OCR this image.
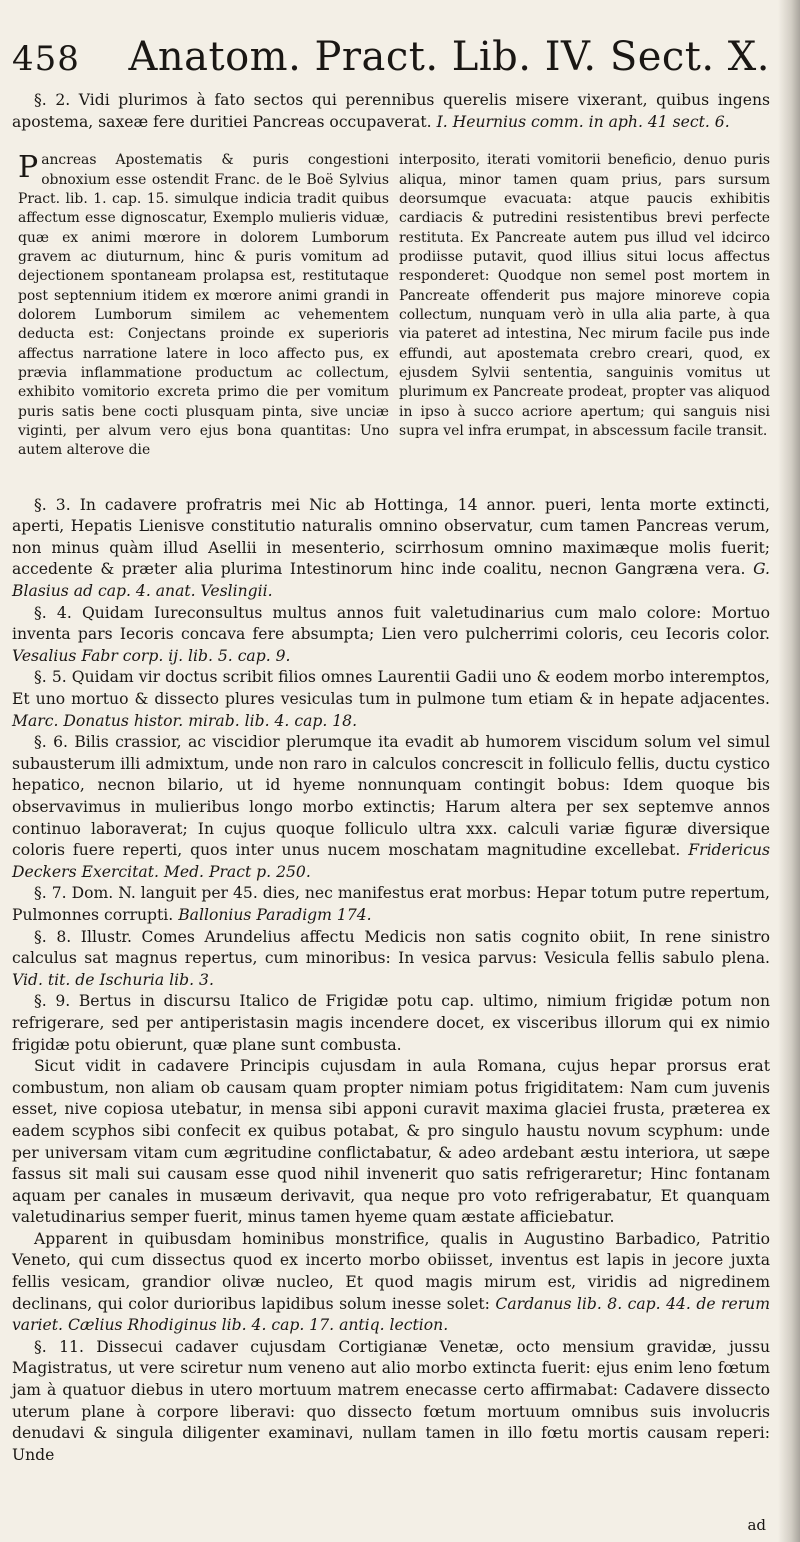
458	Anatom. Pract. Lib. IV. Sect. X.

§. 2. Vidi plurimos à fato sectos qui perennibus querelis misere vixerant, quibus ingens apostema, saxeæ fere duritiei Pancreas occupaverat. I. Heurnius comm. in aph. 41 sect. 6.

Pancreas Apostematis & puris congestioni obnoxium esse ostendit Franc. de le Boë Sylvius Pract. lib. 1. cap. 15. simulque indicia tradit quibus affectum esse dignoscatur, Exemplo mulieris viduæ, quæ ex animi mœrore in dolorem Lumborum gravem ac diuturnum, hinc & puris vomitum ad dejectionem spontaneam prolapsa est, restitutaque post septennium itidem ex mœrore animi grandi in dolorem Lumborum similem ac vehementem deducta est: Conjectans proinde ex superioris affectus narratione latere in loco affecto pus, ex prævia inflammatione productum ac collectum, exhibito vomitorio excreta primo die per vomitum puris satis bene cocti plusquam pinta, sive unciæ viginti, per alvum vero ejus bona quantitas: Uno autem alterove die

interposito, iterati vomitorii beneficio, denuo puris aliqua, minor tamen quam prius, pars sursum deorsumque evacuata: atque paucis exhibitis cardiacis & putredini resistentibus brevi perfecte restituta. Ex Pancreate autem pus illud vel idcirco prodiisse putavit, quod illius situi locus affectus responderet: Quodque non semel post mortem in Pancreate offenderit pus majore minoreve copia collectum, nunquam verò in ulla alia parte, à qua via pateret ad intestina, Nec mirum facile pus inde effundi, aut apostemata crebro creari, quod, ex ejusdem Sylvii sententia, sanguinis vomitus ut plurimum ex Pancreate prodeat, propter vas aliquod in ipso à succo acriore apertum; qui sanguis nisi supra vel infra erumpat, in abscessum facile transit.

§. 3. In cadavere profratris mei Nic ab Hottinga, 14 annor. pueri, lenta morte extincti, aperti, Hepatis Lienisve constitutio naturalis omnino observatur, cum tamen Pancreas verum, non minus quàm illud Asellii in mesenterio, scirrhosum omnino maximæque molis fuerit; accedente & præter alia plurima Intestinorum hinc inde coalitu, necnon Gangræna vera. G. Blasius ad cap. 4. anat. Veslingii.

§. 4. Quidam Iureconsultus multus annos fuit valetudinarius cum malo colore: Mortuo inventa pars Iecoris concava fere absumpta; Lien vero pulcherrimi coloris, ceu Iecoris color. Vesalius Fabr corp. ij. lib. 5. cap. 9.

§. 5. Quidam vir doctus scribit filios omnes Laurentii Gadii uno & eodem morbo interemptos, Et uno mortuo & dissecto plures vesiculas tum in pulmone tum etiam & in hepate adjacentes. Marc. Donatus histor. mirab. lib. 4. cap. 18.

§. 6. Bilis crassior, ac viscidior plerumque ita evadit ab humorem viscidum solum vel simul subausterum illi admixtum, unde non raro in calculos concrescit in folliculo fellis, ductu cystico hepatico, necnon bilario, ut id hyeme nonnunquam contingit bobus: Idem quoque bis observavimus in mulieribus longo morbo extinctis; Harum altera per sex septemve annos continuo laboraverat; In cujus quoque folliculo ultra xxx. calculi variæ figuræ diversique coloris fuere reperti, quos inter unus nucem moschatam magnitudine excellebat. Fridericus Deckers Exercitat. Med. Pract p. 250.

§. 7. Dom. N. languit per 45. dies, nec manifestus erat morbus: Hepar totum putre repertum, Pulmonnes corrupti. Ballonius Paradigm 174.

§. 8. Illustr. Comes Arundelius affectu Medicis non satis cognito obiit, In rene sinistro calculus sat magnus repertus, cum minoribus: In vesica parvus: Vesicula fellis sabulo plena. Vid. tit. de Ischuria lib. 3.

§. 9. Bertus in discursu Italico de Frigidæ potu cap. ultimo, nimium frigidæ potum non refrigerare, sed per antiperistasin magis incendere docet, ex visceribus illorum qui ex nimio frigidæ potu obierunt, quæ plane sunt combusta.

Sicut vidit in cadavere Principis cujusdam in aula Romana, cujus hepar prorsus erat combustum, non aliam ob causam quam propter nimiam potus frigiditatem: Nam cum juvenis esset, nive copiosa utebatur, in mensa sibi apponi curavit maxima glaciei frusta, præterea ex eadem scyphos sibi confecit ex quibus potabat, & pro singulo haustu novum scyphum: unde per universam vitam cum ægritudine conflictabatur, & adeo ardebant æstu interiora, ut sæpe fassus sit mali sui causam esse quod nihil invenerit quo satis refrigeraretur; Hinc fontanam aquam per canales in musæum derivavit, qua neque pro voto refrigerabatur, Et quanquam valetudinarius semper fuerit, minus tamen hyeme quam æstate afficiebatur.

Apparent in quibusdam hominibus monstrifice, qualis in Augustino Barbadico, Patritio Veneto, qui cum dissectus quod ex incerto morbo obiisset, inventus est lapis in jecore juxta fellis vesicam, grandior olivæ nucleo, Et quod magis mirum est, viridis ad nigredinem declinans, qui color durioribus lapidibus solum inesse solet: Cardanus lib. 8. cap. 44. de rerum variet. Cælius Rhodiginus lib. 4. cap. 17. antiq. lection.

§. 11. Dissecui cadaver cujusdam Cortigianæ Venetæ, octo mensium gravidæ, jussu Magistratus, ut vere sciretur num veneno aut alio morbo extincta fuerit: ejus enim leno fœtum jam à quatuor diebus in utero mortuum matrem enecasse certo affirmabat: Cadavere dissecto uterum plane à corpore liberavi: quo dissecto fœtum mortuum omnibus suis involucris denudavi & singula diligenter examinavi, nullam tamen in illo fœtu mortis causam reperi: Unde

ad
